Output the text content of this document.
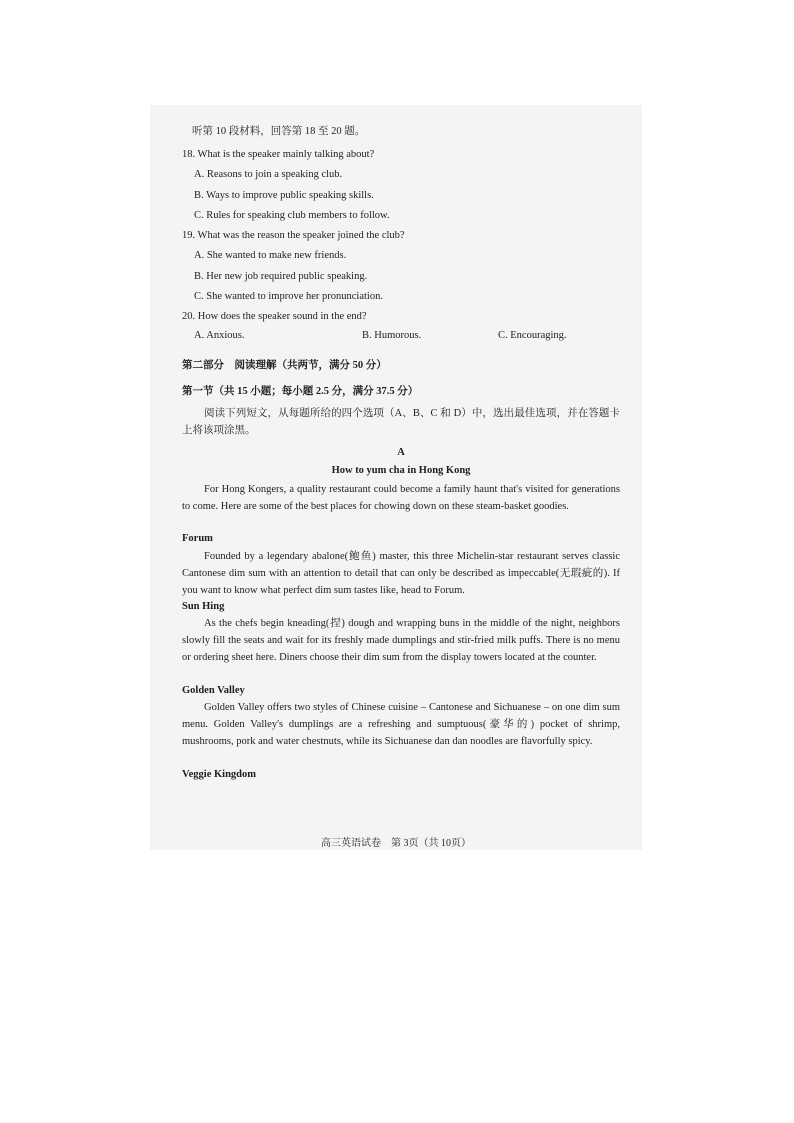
听第 10 段材料，回答第 18 至 20 题。
18. What is the speaker mainly talking about?
A. Reasons to join a speaking club.
B. Ways to improve public speaking skills.
C. Rules for speaking club members to follow.
19. What was the reason the speaker joined the club?
A. She wanted to make new friends.
B. Her new job required public speaking.
C. She wanted to improve her pronunciation.
20. How does the speaker sound in the end?
A. Anxious.	B. Humorous.	C. Encouraging.
第二部分　阅读理解（共两节，满分 50 分）
第一节（共 15 小题；每小题 2.5 分，满分 37.5 分）
阅读下列短文，从每题所给的四个选项（A、B、C 和 D）中，选出最佳选项，并在答题卡上将该项涂黑。
A
How to yum cha in Hong Kong
For Hong Kongers, a quality restaurant could become a family haunt that's visited for generations to come. Here are some of the best places for chowing down on these steam-basket goodies.
Forum
Founded by a legendary abalone(鲍鱼) master, this three Michelin-star restaurant serves classic Cantonese dim sum with an attention to detail that can only be described as impeccable(无瑕疵的). If you want to know what perfect dim sum tastes like, head to Forum.
Sun Hing
As the chefs begin kneading(捏) dough and wrapping buns in the middle of the night, neighbors slowly fill the seats and wait for its freshly made dumplings and stir-fried milk puffs. There is no menu or ordering sheet here. Diners choose their dim sum from the display towers located at the counter.
Golden Valley
Golden Valley offers two styles of Chinese cuisine – Cantonese and Sichuanese – on one dim sum menu. Golden Valley's dumplings are a refreshing and sumptuous(豪华的) pocket of shrimp, mushrooms, pork and water chestnuts, while its Sichuanese dan dan noodles are flavorfully spicy.
Veggie Kingdom
高三英语试卷　第 3页（共 10页）
